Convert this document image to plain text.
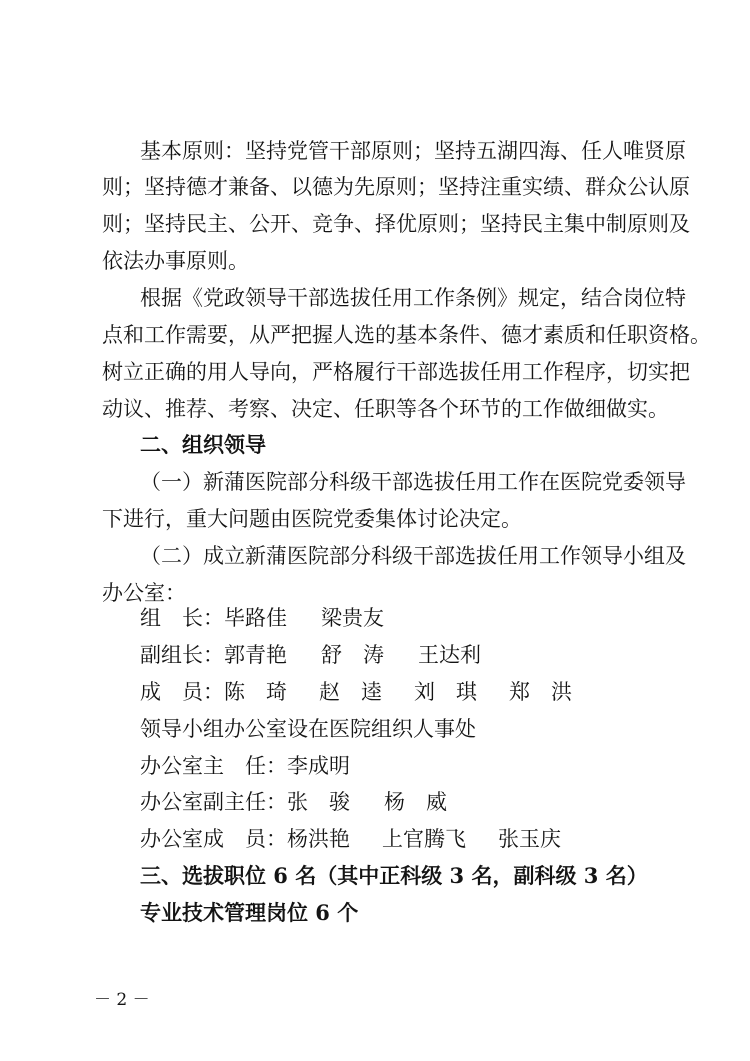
基本原则：坚持党管干部原则；坚持五湖四海、任人唯贤原
则；坚持德才兼备、以德为先原则；坚持注重实绩、群众公认原
则；坚持民主、公开、竞争、择优原则；坚持民主集中制原则及
依法办事原则。
根据《党政领导干部选拔任用工作条例》规定，结合岗位特
点和工作需要，从严把握人选的基本条件、德才素质和任职资格。
树立正确的用人导向，严格履行干部选拔任用工作程序，切实把
动议、推荐、考察、决定、任职等各个环节的工作做细做实。
二、组织领导
（一）新蒲医院部分科级干部选拔任用工作在医院党委领导
下进行，重大问题由医院党委集体讨论决定。
（二）成立新蒲医院部分科级干部选拔任用工作领导小组及
办公室：
组　长：毕路佳 梁贵友
副组长：郭青艳 舒　涛 王达利
成　员：陈　琦 赵　逵 刘　琪 郑　洪
领导小组办公室设在医院组织人事处
办公室主　任：李成明
办公室副主任：张　骏 杨　威
办公室成　员：杨洪艳 上官腾飞 张玉庆
三、选拔职位 6 名（其中正科级 3 名，副科级 3 名）
专业技术管理岗位 6 个
－ 2 －
